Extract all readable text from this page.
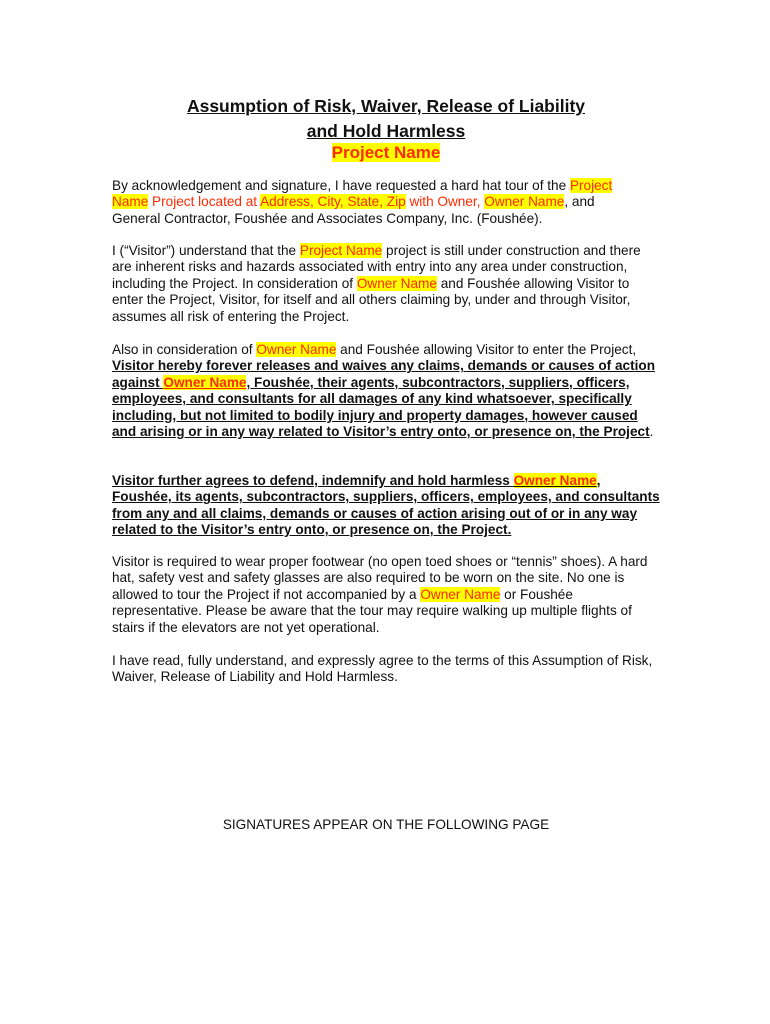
Assumption of Risk, Waiver, Release of Liability
and Hold Harmless
Project Name

By acknowledgement and signature, I have requested a hard hat tour of the Project
Name Project located at Address, City, State, Zip with Owner, Owner Name, and
General Contractor, Foushée and Associates Company, Inc. (Foushée).

I (“Visitor”) understand that the Project Name project is still under construction and there are inherent risks and hazards associated with entry into any area under construction, including the Project. In consideration of Owner Name and Foushée allowing Visitor to enter the Project, Visitor, for itself and all others claiming by, under and through Visitor, assumes all risk of entering the Project.

Also in consideration of Owner Name and Foushée allowing Visitor to enter the Project, Visitor hereby forever releases and waives any claims, demands or causes of action against Owner Name, Foushée, their agents, subcontractors, suppliers, officers, employees, and consultants for all damages of any kind whatsoever, specifically including, but not limited to bodily injury and property damages, however caused and arising or in any way related to Visitor’s entry onto, or presence on, the Project.

Visitor further agrees to defend, indemnify and hold harmless Owner Name, Foushée, its agents, subcontractors, suppliers, officers, employees, and consultants from any and all claims, demands or causes of action arising out of or in any way related to the Visitor’s entry onto, or presence on, the Project.

Visitor is required to wear proper footwear (no open toed shoes or “tennis” shoes). A hard hat, safety vest and safety glasses are also required to be worn on the site. No one is allowed to tour the Project if not accompanied by a Owner Name or Foushée representative. Please be aware that the tour may require walking up multiple flights of stairs if the elevators are not yet operational.

I have read, fully understand, and expressly agree to the terms of this Assumption of Risk, Waiver, Release of Liability and Hold Harmless.

SIGNATURES APPEAR ON THE FOLLOWING PAGE
